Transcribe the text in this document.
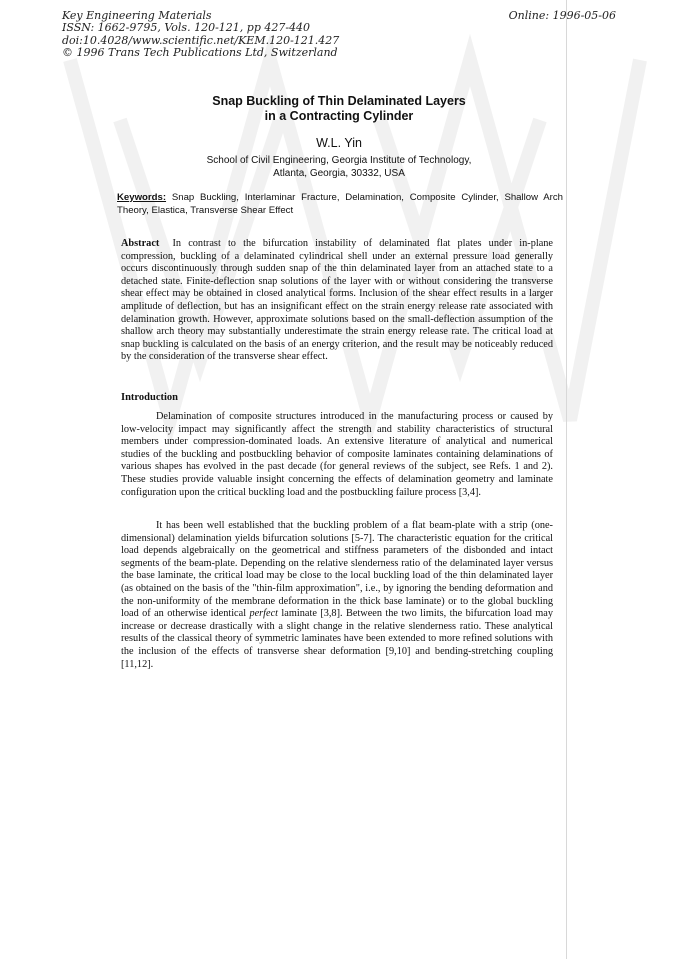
Key Engineering Materials
ISSN: 1662-9795, Vols. 120-121, pp 427-440
doi:10.4028/www.scientific.net/KEM.120-121.427
© 1996 Trans Tech Publications Ltd, Switzerland
Online: 1996-05-06
Snap Buckling of Thin Delaminated Layers
in a Contracting Cylinder
W.L. Yin
School of Civil Engineering, Georgia Institute of Technology,
Atlanta, Georgia, 30332, USA
Keywords: Snap Buckling, Interlaminar Fracture, Delamination, Composite Cylinder, Shallow Arch Theory, Elastica, Transverse Shear Effect
Abstract In contrast to the bifurcation instability of delaminated flat plates under in-plane compression, buckling of a delaminated cylindrical shell under an external pressure load generally occurs discontinuously through sudden snap of the thin delaminated layer from an attached state to a detached state. Finite-deflection snap solutions of the layer with or without considering the transverse shear effect may be obtained in closed analytical forms. Inclusion of the shear effect results in a larger amplitude of deflection, but has an insignificant effect on the strain energy release rate associated with delamination growth. However, approximate solutions based on the small-deflection assumption of the shallow arch theory may substantially underestimate the strain energy release rate. The critical load at snap buckling is calculated on the basis of an energy criterion, and the result may be noticeably reduced by the consideration of the transverse shear effect.
Introduction
Delamination of composite structures introduced in the manufacturing process or caused by low-velocity impact may significantly affect the strength and stability characteristics of structural members under compression-dominated loads. An extensive literature of analytical and numerical studies of the buckling and postbuckling behavior of composite laminates containing delaminations of various shapes has evolved in the past decade (for general reviews of the subject, see Refs. 1 and 2). These studies provide valuable insight concerning the effects of delamination geometry and laminate configuration upon the critical buckling load and the postbuckling failure process [3,4].
It has been well established that the buckling problem of a flat beam-plate with a strip (one-dimensional) delamination yields bifurcation solutions [5-7]. The characteristic equation for the critical load depends algebraically on the geometrical and stiffness parameters of the disbonded and intact segments of the beam-plate. Depending on the relative slenderness ratio of the delaminated layer versus the base laminate, the critical load may be close to the local buckling load of the thin delaminated layer (as obtained on the basis of the "thin-film approximation", i.e., by ignoring the bending deformation and the non-uniformity of the membrane deformation in the thick base laminate) or to the global buckling load of an otherwise identical perfect laminate [3,8]. Between the two limits, the bifurcation load may increase or decrease drastically with a slight change in the relative slenderness ratio. These analytical results of the classical theory of symmetric laminates have been extended to more refined solutions with the inclusion of the effects of transverse shear deformation [9,10] and bending-stretching coupling [11,12].
